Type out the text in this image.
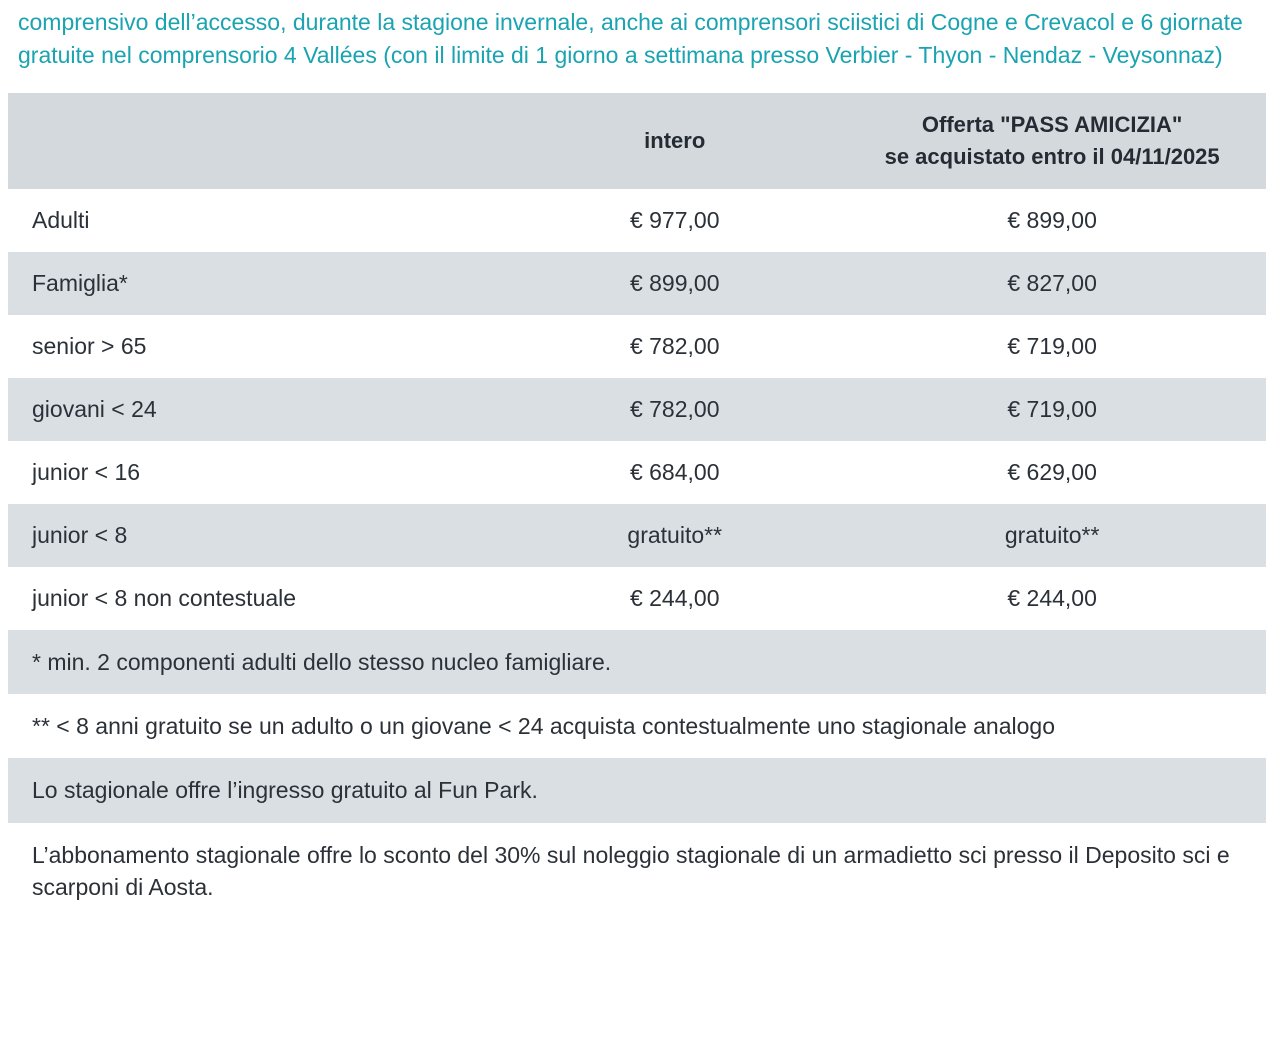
comprensivo dell’accesso, durante la stagione invernale, anche ai comprensori sciistici di Cogne e Crevacol e 6 giornate gratuite nel comprensorio 4 Vallées (con il limite di 1 giorno a settimana presso Verbier - Thyon - Nendaz - Veysonnaz)
	intero	Offerta "PASS AMICIZIA"
se acquistato entro il 04/11/2025

Adulti	€ 977,00	€ 899,00
Famiglia*	€ 899,00	€ 827,00
senior > 65	€ 782,00	€ 719,00
giovani < 24	€ 782,00	€ 719,00
junior < 16	€ 684,00	€ 629,00
junior < 8	gratuito**	gratuito**
junior < 8 non contestuale	€ 244,00	€ 244,00
* min. 2 componenti adulti dello stesso nucleo famigliare.
** < 8 anni gratuito se un adulto o un giovane < 24 acquista contestualmente uno stagionale analogo
Lo stagionale offre l’ingresso gratuito al Fun Park.
L’abbonamento stagionale offre lo sconto del 30% sul noleggio stagionale di un armadietto sci presso il Deposito sci e scarponi di Aosta.
